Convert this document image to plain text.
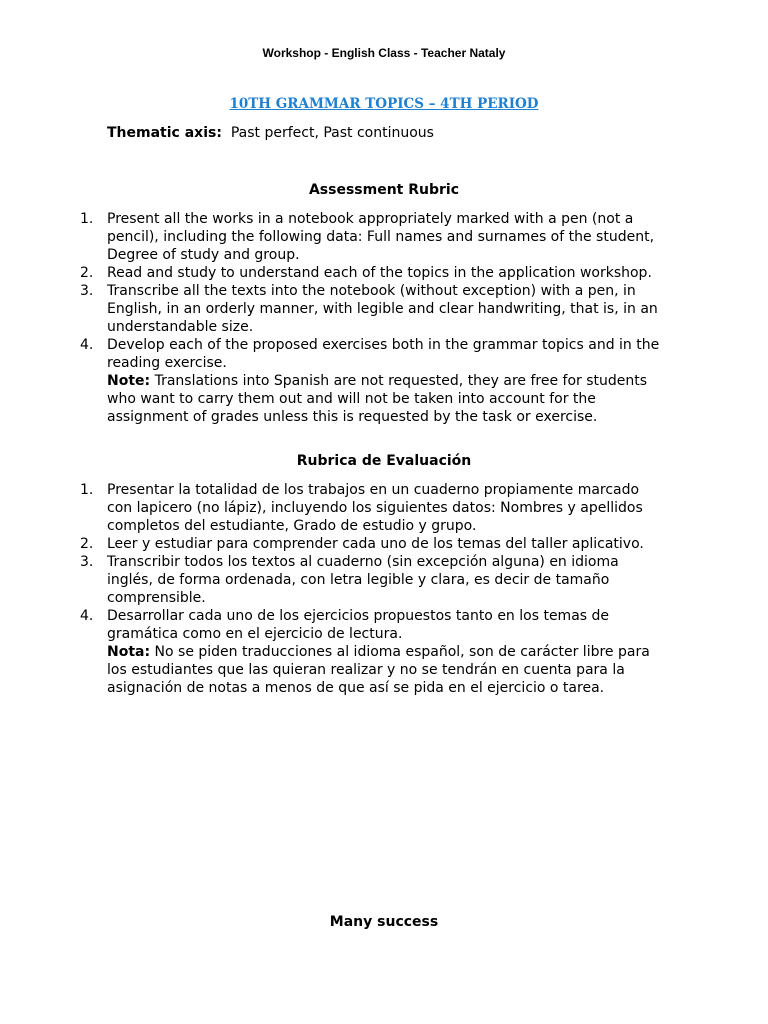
Workshop - English Class - Teacher Nataly
10TH GRAMMAR TOPICS – 4TH PERIOD
Thematic axis: Past perfect, Past continuous
Assessment Rubric
1. Present all the works in a notebook appropriately marked with a pen (not a pencil), including the following data: Full names and surnames of the student, Degree of study and group.
2. Read and study to understand each of the topics in the application workshop.
3. Transcribe all the texts into the notebook (without exception) with a pen, in English, in an orderly manner, with legible and clear handwriting, that is, in an understandable size.
4. Develop each of the proposed exercises both in the grammar topics and in the reading exercise.
Note: Translations into Spanish are not requested, they are free for students who want to carry them out and will not be taken into account for the assignment of grades unless this is requested by the task or exercise.
Rubrica de Evaluación
1. Presentar la totalidad de los trabajos en un cuaderno propiamente marcado con lapicero (no lápiz), incluyendo los siguientes datos: Nombres y apellidos completos del estudiante, Grado de estudio y grupo.
2. Leer y estudiar para comprender cada uno de los temas del taller aplicativo.
3. Transcribir todos los textos al cuaderno (sin excepción alguna) en idioma inglés, de forma ordenada, con letra legible y clara, es decir de tamaño comprensible.
4. Desarrollar cada uno de los ejercicios propuestos tanto en los temas de gramática como en el ejercicio de lectura.
Nota: No se piden traducciones al idioma español, son de carácter libre para los estudiantes que las quieran realizar y no se tendrán en cuenta para la asignación de notas a menos de que así se pida en el ejercicio o tarea.
Many success
